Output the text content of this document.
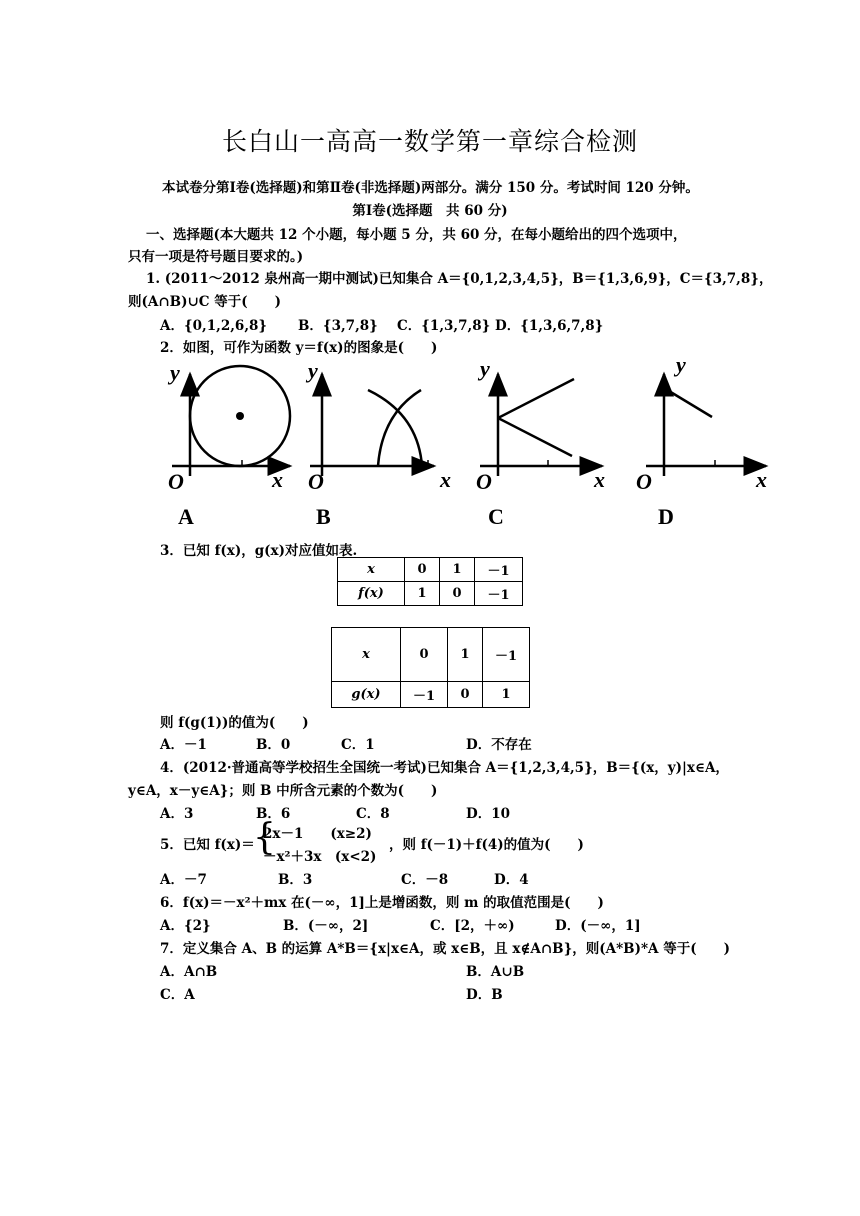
长白山一高高一数学第一章综合检测
本试卷分第Ⅰ卷(选择题)和第Ⅱ卷(非选择题)两部分。满分 150 分。考试时间 120 分钟。
第Ⅰ卷(选择题　共 60 分)
一、选择题(本大题共 12 个小题，每小题 5 分，共 60 分，在每小题给出的四个选项中，
只有一项是符号题目要求的。)
1. (2011～2012 泉州高一期中测试)已知集合 A＝{0,1,2,3,4,5}，B＝{1,3,6,9}，C＝{3,7,8}，
则(A∩B)∪C 等于(　　)
A．{0,1,2,6,8} B．{3,7,8} C．{1,3,7,8} D．{1,3,6,7,8}
2．如图，可作为函数 y＝f(x)的图象是(　　)
y
x
O
y
x
O
y
x
O
y
x
O
A	B	C	D
3．已知 f(x)，g(x)对应值如表.
x	0	1	－1
f(x)	1	0	－1
x	0	1	－1
g(x)	－1	0	1
则 f(g(1))的值为(　　)
A．－1	B．0	C．1	D．不存在
4．(2012·普通高等学校招生全国统一考试)已知集合 A＝{1,2,3,4,5}，B＝{(x，y)|x∈A，
y∈A，x－y∈A}；则 B 中所含元素的个数为(　　)
A．3	B．6	C．8	D．10
5．已知 f(x)＝
{
2x－1　　(x≥2)
－x²＋3x　(x<2)
，则 f(－1)＋f(4)的值为(　　)
A．－7	B．3	C．－8	D．4
6．f(x)＝－x²＋mx 在(－∞，1]上是增函数，则 m 的取值范围是(　　)
A．{2}	B．(－∞，2]	C．[2，＋∞)	D．(－∞，1]
7．定义集合 A、B 的运算 A*B＝{x|x∈A，或 x∈B，且 x∉A∩B}，则(A*B)*A 等于(　　)
A．A∩B	B．A∪B
C．A	D．B
